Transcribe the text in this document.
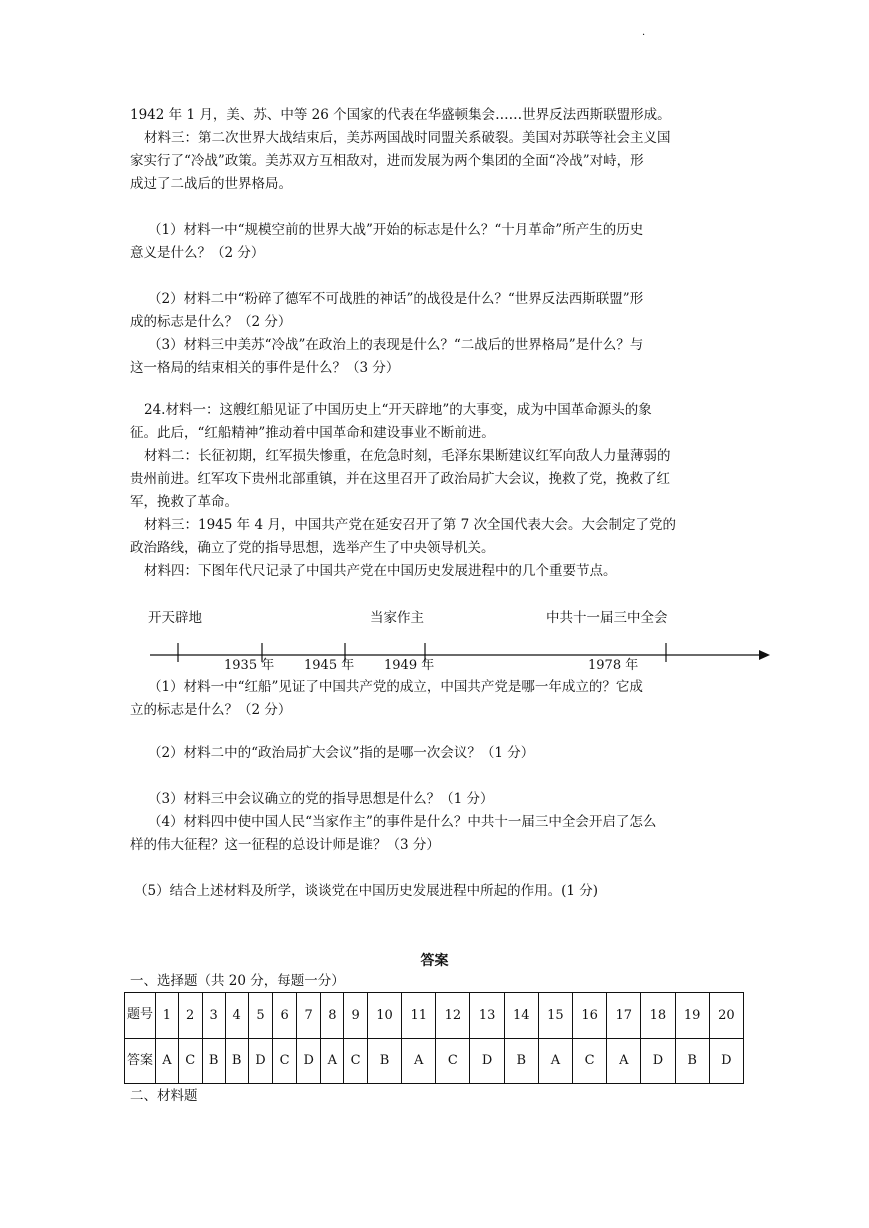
·
1942 年 1 月，美、苏、中等 26 个国家的代表在华盛顿集会……世界反法西斯联盟形成。
材料三：第二次世界大战结束后，美苏两国战时同盟关系破裂。美国对苏联等社会主义国
家实行了“冷战”政策。美苏双方互相敌对，进而发展为两个集团的全面“冷战”对峙，形
成过了二战后的世界格局。
（1）材料一中“规模空前的世界大战”开始的标志是什么？“十月革命”所产生的历史
意义是什么？（2 分）
（2）材料二中“粉碎了德军不可战胜的神话”的战役是什么？“世界反法西斯联盟”形
成的标志是什么？（2 分）
（3）材料三中美苏“冷战”在政治上的表现是什么？“二战后的世界格局”是什么？与
这一格局的结束相关的事件是什么？（3 分）
24.材料一：这艘红船见证了中国历史上“开天辟地”的大事变，成为中国革命源头的象
征。此后，“红船精神”推动着中国革命和建设事业不断前进。
材料二：长征初期，红军损失惨重，在危急时刻，毛泽东果断建议红军向敌人力量薄弱的
贵州前进。红军攻下贵州北部重镇，并在这里召开了政治局扩大会议，挽救了党，挽救了红
军，挽救了革命。
材料三：1945 年 4 月，中国共产党在延安召开了第 7 次全国代表大会。大会制定了党的
政治路线，确立了党的指导思想，选举产生了中央领导机关。
材料四：下图年代尺记录了中国共产党在中国历史发展进程中的几个重要节点。
开天辟地	当家作主	中共十一届三中全会
1935 年 1945 年 1949 年	1978 年
（1）材料一中“红船”见证了中国共产党的成立，中国共产党是哪一年成立的？它成
立的标志是什么？（2 分）
（2）材料二中的“政治局扩大会议”指的是哪一次会议？（1 分）
（3）材料三中会议确立的党的指导思想是什么？（1 分）
（4）材料四中使中国人民“当家作主”的事件是什么？中共十一届三中全会开启了怎么
样的伟大征程？这一征程的总设计师是谁？（3 分）
（5）结合上述材料及所学，谈谈党在中国历史发展进程中所起的作用。(1 分)
答案
一、选择题（共 20 分，每题一分）
题号	1	2	3	4	5	6	7	8	9	10	11	12	13	14	15	16	17	18	19	20
答案	A	C	B	B	D	C	D	A	C	B	A	C	D	B	A	C	A	D	B	D
二、材料题
